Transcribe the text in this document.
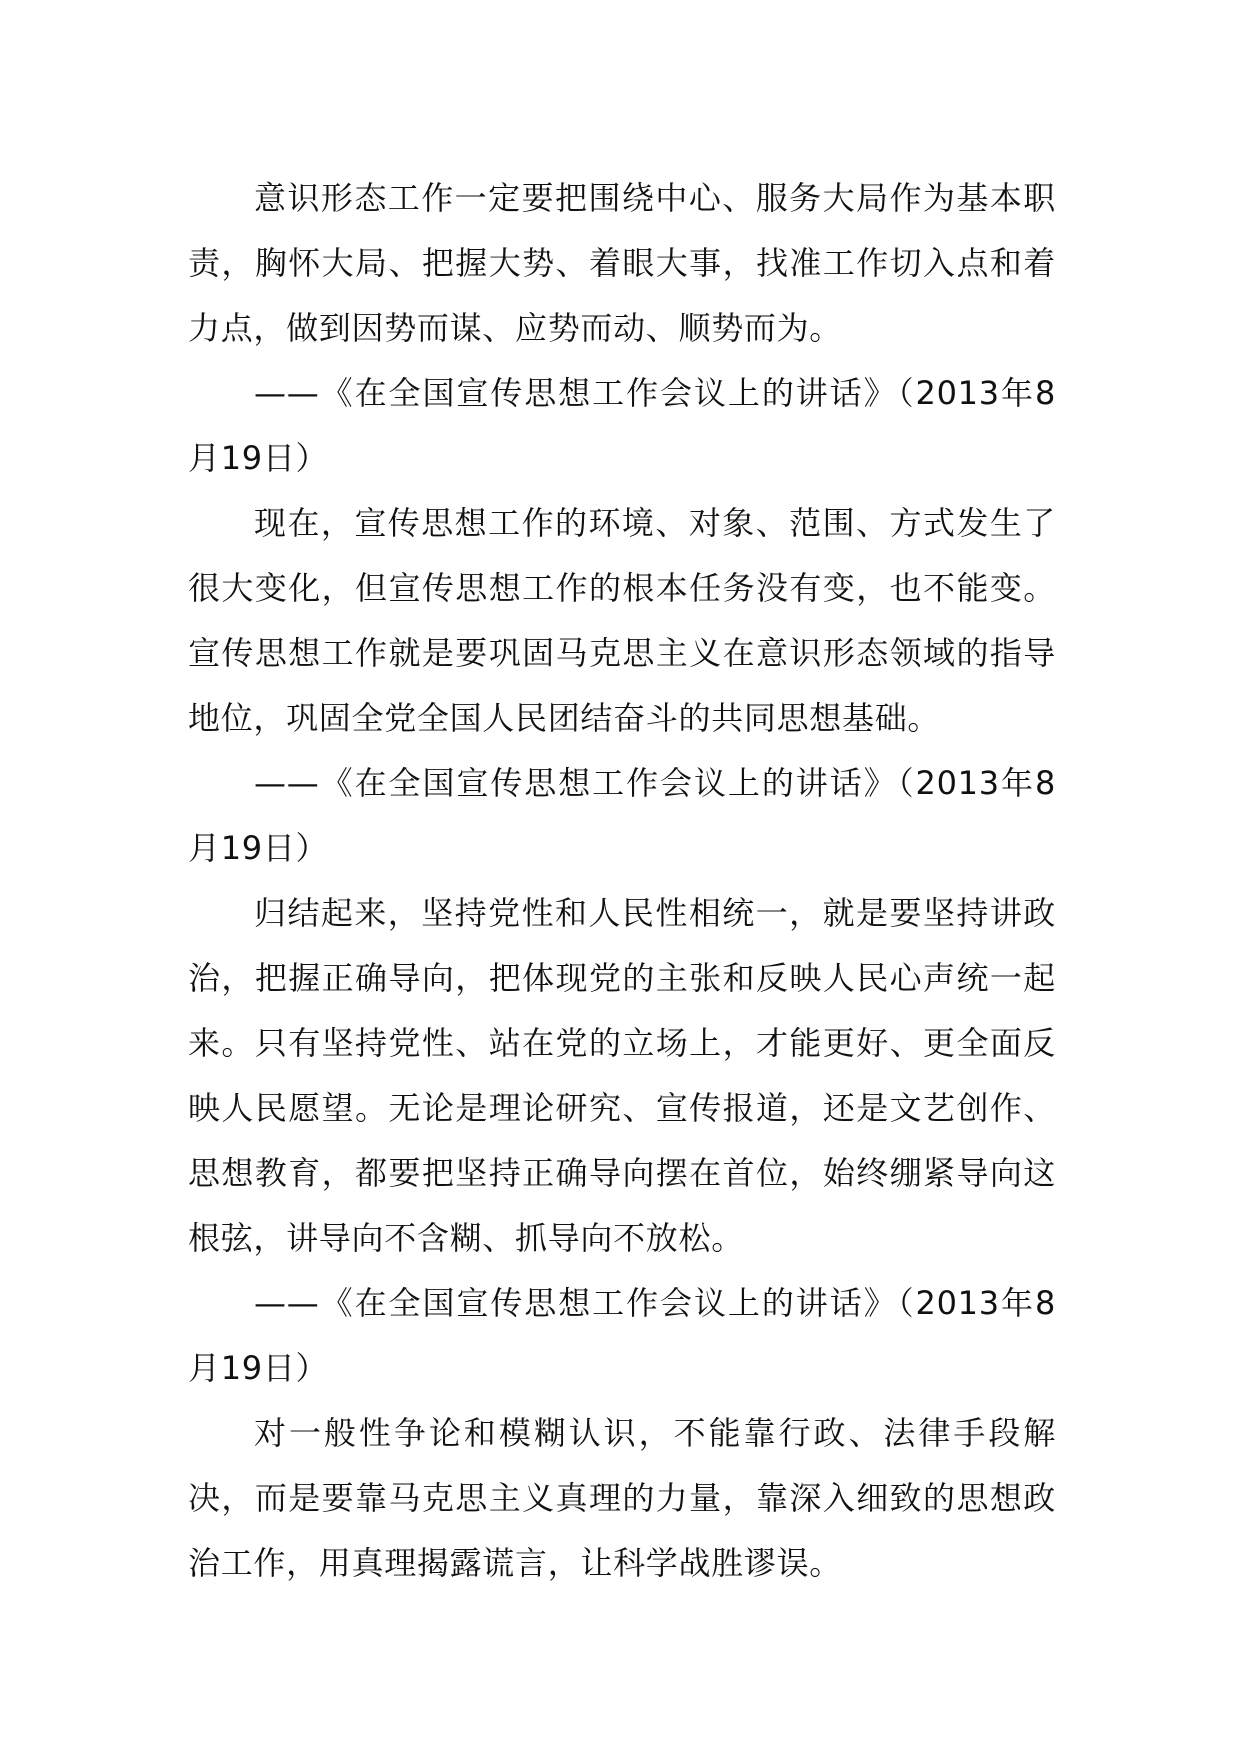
意识形态工作一定要把围绕中心、服务大局作为基本职责，胸怀大局、把握大势、着眼大事，找准工作切入点和着力点，做到因势而谋、应势而动、顺势而为。

——《在全国宣传思想工作会议上的讲话》（2013年8月19日）

现在，宣传思想工作的环境、对象、范围、方式发生了很大变化，但宣传思想工作的根本任务没有变，也不能变。宣传思想工作就是要巩固马克思主义在意识形态领域的指导地位，巩固全党全国人民团结奋斗的共同思想基础。

——《在全国宣传思想工作会议上的讲话》（2013年8月19日）

归结起来，坚持党性和人民性相统一，就是要坚持讲政治，把握正确导向，把体现党的主张和反映人民心声统一起来。只有坚持党性、站在党的立场上，才能更好、更全面反映人民愿望。无论是理论研究、宣传报道，还是文艺创作、思想教育，都要把坚持正确导向摆在首位，始终绷紧导向这根弦，讲导向不含糊、抓导向不放松。

——《在全国宣传思想工作会议上的讲话》（2013年8月19日）

对一般性争论和模糊认识，不能靠行政、法律手段解决，而是要靠马克思主义真理的力量，靠深入细致的思想政治工作，用真理揭露谎言，让科学战胜谬误。
